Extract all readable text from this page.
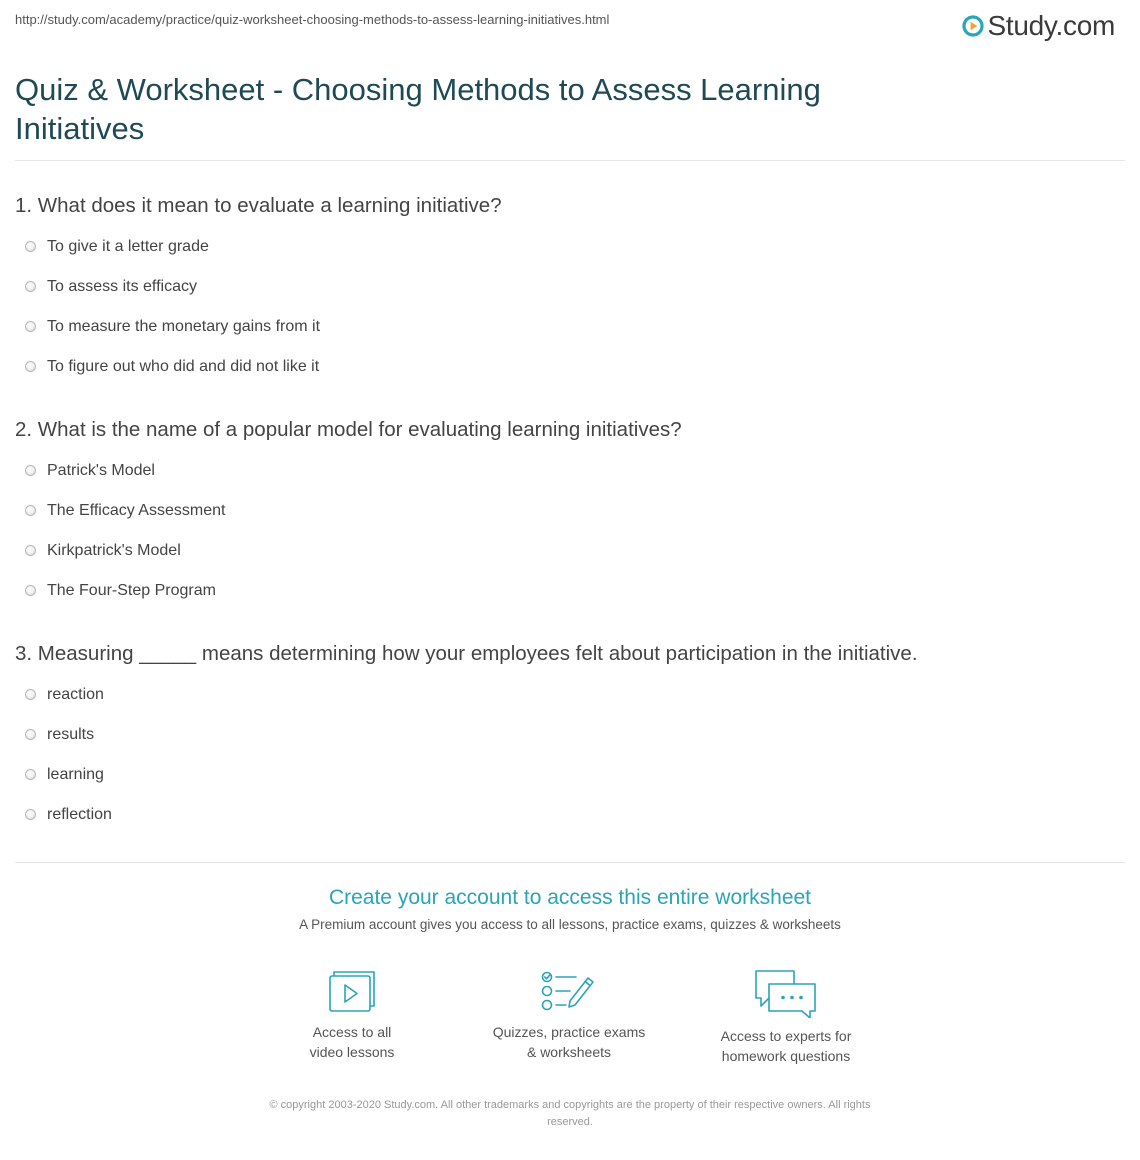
http://study.com/academy/practice/quiz-worksheet-choosing-methods-to-assess-learning-initiatives.html	Study.com
Quiz & Worksheet - Choosing Methods to Assess Learning Initiatives
1. What does it mean to evaluate a learning initiative?
To give it a letter grade
To assess its efficacy
To measure the monetary gains from it
To figure out who did and did not like it
2. What is the name of a popular model for evaluating learning initiatives?
Patrick's Model
The Efficacy Assessment
Kirkpatrick's Model
The Four-Step Program
3. Measuring _____ means determining how your employees felt about participation in the initiative.
reaction
results
learning
reflection
Create your account to access this entire worksheet
A Premium account gives you access to all lessons, practice exams, quizzes & worksheets
Access to all
video lessons
Quizzes, practice exams
& worksheets
Access to experts for
homework questions
© copyright 2003-2020 Study.com. All other trademarks and copyrights are the property of their respective owners. All rights
reserved.
